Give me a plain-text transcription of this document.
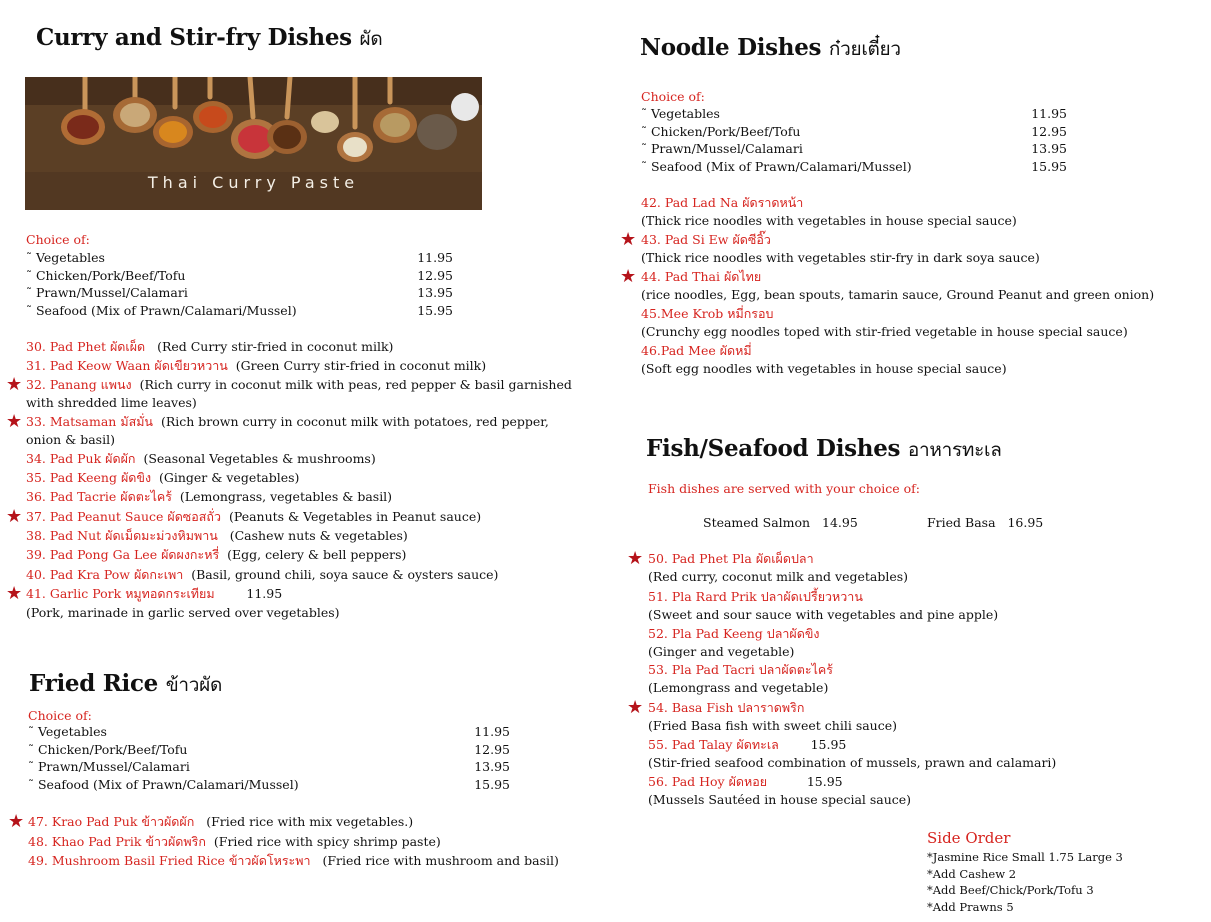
Curry and Stir-fry Dishes ผัด
Thai Curry Paste
Choice of:
˜ Vegetables	11.95
˜ Chicken/Pork/Beef/Tofu	12.95
˜ Prawn/Mussel/Calamari	13.95
˜ Seafood (Mix of Prawn/Calamari/Mussel)	15.95
30. Pad Phet ผัดเผ็ด (Red Curry stir-fried in coconut milk)
31. Pad Keow Waan ผัดเขียวหวาน (Green Curry stir-fried in coconut milk)
★ 32. Panang แพนง (Rich curry in coconut milk with peas, red pepper & basil garnished
with shredded lime leaves)
★ 33. Matsaman มัสมั่น (Rich brown curry in coconut milk with potatoes, red pepper,
onion & basil)
34. Pad Puk ผัดผัก (Seasonal Vegetables & mushrooms)
35. Pad Keeng ผัดขิง (Ginger & vegetables)
36. Pad Tacrie ผัดตะไคร้ (Lemongrass, vegetables & basil)
★ 37. Pad Peanut Sauce ผัดซอสถั่ว (Peanuts & Vegetables in Peanut sauce)
38. Pad Nut ผัดเม็ดมะม่วงหิมพาน (Cashew nuts & vegetables)
39. Pad Pong Ga Lee ผัดผงกะหรี่ (Egg, celery & bell peppers)
40. Pad Kra Pow ผัดกะเพา (Basil, ground chili, soya sauce & oysters sauce)
★ 41. Garlic Pork หมูทอดกระเทียม	11.95
(Pork, marinade in garlic served over vegetables)
Fried Rice ข้าวผัด
Choice of:
˜ Vegetables	11.95
˜ Chicken/Pork/Beef/Tofu	12.95
˜ Prawn/Mussel/Calamari	13.95
˜ Seafood (Mix of Prawn/Calamari/Mussel)	15.95
★ 47. Krao Pad Puk ข้าวผัดผัก (Fried rice with mix vegetables.)
48. Khao Pad Prik ข้าวผัดพริก (Fried rice with spicy shrimp paste)
49. Mushroom Basil Fried Rice ข้าวผัดโหระพา (Fried rice with mushroom and basil)
Noodle Dishes ก๋วยเตี๋ยว
Choice of:
˜ Vegetables	11.95
˜ Chicken/Pork/Beef/Tofu	12.95
˜ Prawn/Mussel/Calamari	13.95
˜ Seafood (Mix of Prawn/Calamari/Mussel)	15.95
42. Pad Lad Na ผัดราดหน้า
(Thick rice noodles with vegetables in house special sauce)
★ 43. Pad Si Ew ผัดซีอิ๊ว
(Thick rice noodles with vegetables stir-fry in dark soya sauce)
★ 44. Pad Thai ผัดไทย
(rice noodles, Egg, bean spouts, tamarin sauce, Ground Peanut and green onion)
45.Mee Krob หมี่กรอบ
(Crunchy egg noodles toped with stir-fried vegetable in house special sauce)
46.Pad Mee ผัดหมี่
(Soft egg noodles with vegetables in house special sauce)
Fish/Seafood Dishes อาหารทะเล
Fish dishes are served with your choice of:
Steamed Salmon 14.95	Fried Basa 16.95
★ 50. Pad Phet Pla ผัดเผ็ดปลา
(Red curry, coconut milk and vegetables)
51. Pla Rard Prik ปลาผัดเปรี้ยวหวาน
(Sweet and sour sauce with vegetables and pine apple)
52. Pla Pad Keeng ปลาผัดขิง
(Ginger and vegetable)
53. Pla Pad Tacri ปลาผัดตะไคร้
(Lemongrass and vegetable)
★ 54. Basa Fish ปลาราดพริก
(Fried Basa fish with sweet chili sauce)
55. Pad Talay ผัดทะเล	15.95
(Stir-fried seafood combination of mussels, prawn and calamari)
56. Pad Hoy ผัดหอย	15.95
(Mussels Sautéed in house special sauce)
Side Order
*Jasmine Rice Small 1.75 Large 3
*Add Cashew 2
*Add Beef/Chick/Pork/Tofu 3
*Add Prawns 5
